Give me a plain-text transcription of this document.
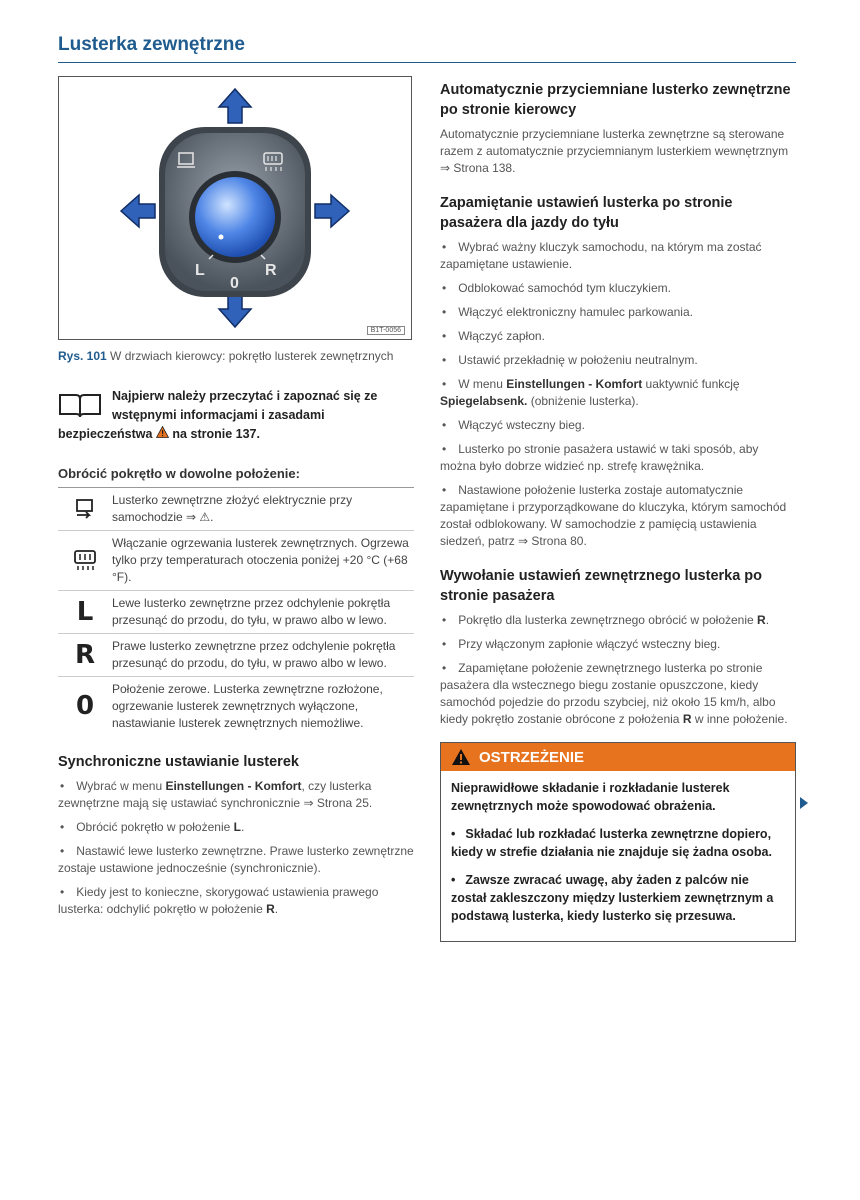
Lusterka zewnętrzne
L
0
R
B1T-0056
Rys. 101 W drzwiach kierowcy: pokrętło lusterek zewnętrznych
Najpierw należy przeczytać i zapoznać się ze wstępnymi informacjami i zasadami bezpieczeństwa  na stronie 137.
Obrócić pokrętło w dowolne położenie:
	Lusterko zewnętrzne złożyć elektrycznie przy samochodzie ⇒ ⚠.
	Włączanie ogrzewania lusterek zewnętrznych. Ogrzewa tylko przy temperaturach otoczenia poniżej +20 °C (+68 °F).
L	Lewe lusterko zewnętrzne przez odchylenie pokrętła przesunąć do przodu, do tyłu, w prawo albo w lewo.
R	Prawe lusterko zewnętrzne przez odchylenie pokrętła przesunąć do przodu, do tyłu, w prawo albo w lewo.
0	Położenie zerowe. Lusterka zewnętrzne rozłożone, ogrzewanie lusterek zewnętrznych wyłączone, nastawianie lusterek zewnętrznych niemożliwe.
Synchroniczne ustawianie lusterek

• Wybrać w menu Einstellungen - Komfort, czy lusterka zewnętrzne mają się ustawiać synchronicznie ⇒ Strona 25.

• Obrócić pokrętło w położenie L.

• Nastawić lewe lusterko zewnętrzne. Prawe lusterko zewnętrzne zostaje ustawione jednocześnie (synchronicznie).

• Kiedy jest to konieczne, skorygować ustawienia prawego lusterka: odchylić pokrętło w położenie R.

Automatycznie przyciemniane lusterko zewnętrzne po stronie kierowcy

Automatycznie przyciemniane lusterka zewnętrzne są sterowane razem z automatycznie przyciemnianym lusterkiem wewnętrznym ⇒ Strona 138.

Zapamiętanie ustawień lusterka po stronie pasażera dla jazdy do tyłu

• Wybrać ważny kluczyk samochodu, na którym ma zostać zapamiętane ustawienie.

• Odblokować samochód tym kluczykiem.

• Włączyć elektroniczny hamulec parkowania.

• Włączyć zapłon.

• Ustawić przekładnię w położeniu neutralnym.

• W menu Einstellungen - Komfort uaktywnić funkcję Spiegelabsenk. (obniżenie lusterka).

• Włączyć wsteczny bieg.

• Lusterko po stronie pasażera ustawić w taki sposób, aby można było dobrze widzieć np. strefę krawężnika.

• Nastawione położenie lusterka zostaje automatycznie zapamiętane i przyporządkowane do kluczyka, którym samochód został odblokowany. W samochodzie z pamięcią ustawienia siedzeń, patrz ⇒ Strona 80.

Wywołanie ustawień zewnętrznego lusterka po stronie pasażera

• Pokrętło dla lusterka zewnętrznego obrócić w położenie R.

• Przy włączonym zapłonie włączyć wsteczny bieg.

• Zapamiętane położenie zewnętrznego lusterka po stronie pasażera dla wstecznego biegu zostanie opuszczone, kiedy samochód pojedzie do przodu szybciej, niż około 15 km/h, albo kiedy pokrętło zostanie obrócone z położenia R w inne położenie.

OSTRZEŻENIE

Nieprawidłowe składanie i rozkładanie lusterek zewnętrznych może spowodować obrażenia.

• Składać lub rozkładać lusterka zewnętrzne dopiero, kiedy w strefie działania nie znajduje się żadna osoba.

• Zawsze zwracać uwagę, aby żaden z palców nie został zakleszczony między lusterkiem zewnętrznym a podstawą lusterka, kiedy lusterko się przesuwa.
